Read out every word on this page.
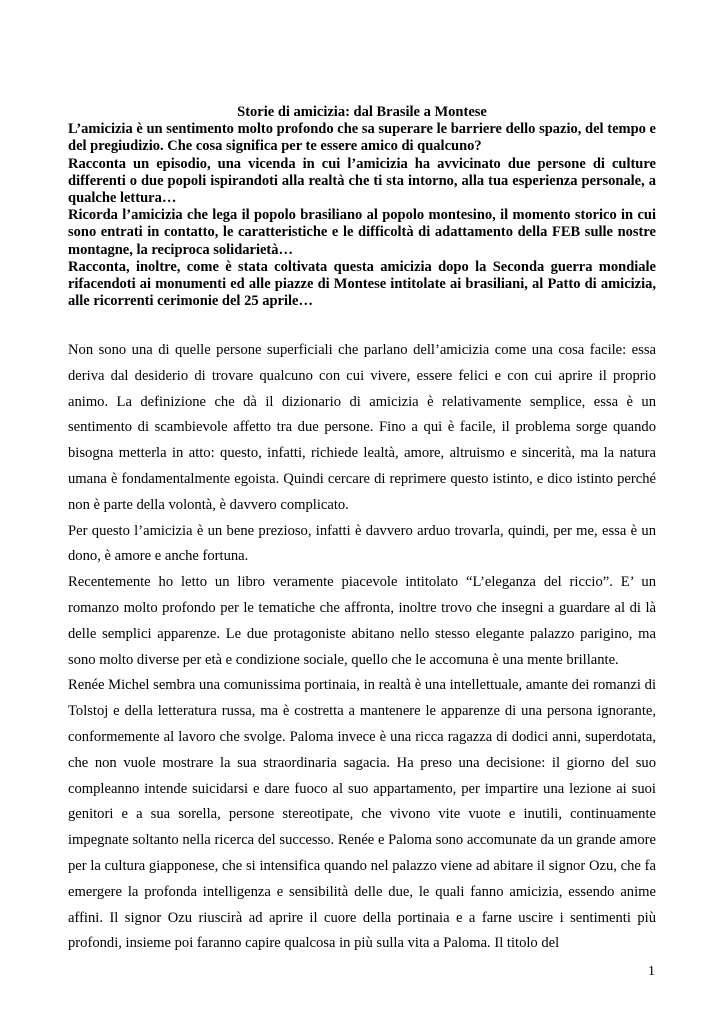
Storie di amicizia: dal Brasile a Montese

L’amicizia è un sentimento molto profondo che sa superare le barriere dello spazio, del tempo e del pregiudizio. Che cosa significa per te essere amico di qualcuno?

Racconta un episodio, una vicenda in cui l’amicizia ha avvicinato due persone di culture differenti o due popoli ispirandoti alla realtà che ti sta intorno, alla tua esperienza personale, a qualche lettura…

Ricorda l’amicizia che lega il popolo brasiliano al popolo montesino, il momento storico in cui sono entrati in contatto, le caratteristiche e le difficoltà di adattamento della FEB sulle nostre montagne, la reciproca solidarietà…

Racconta, inoltre, come è stata coltivata questa amicizia dopo la Seconda guerra mondiale rifacendoti ai monumenti ed alle piazze di Montese intitolate ai brasiliani, al Patto di amicizia, alle ricorrenti cerimonie del 25 aprile…

Non sono una di quelle persone superficiali che parlano dell’amicizia come una cosa facile: essa deriva dal desiderio di trovare qualcuno con cui vivere, essere felici e con cui aprire il proprio animo. La definizione che dà il dizionario di amicizia è relativamente semplice, essa è un sentimento di scambievole affetto tra due persone. Fino a qui è facile, il problema sorge quando bisogna metterla in atto: questo, infatti, richiede lealtà, amore, altruismo e sincerità, ma la natura umana è fondamentalmente egoista. Quindi cercare di reprimere questo istinto, e dico istinto perché non è parte della volontà, è davvero complicato.

Per questo l’amicizia è un bene prezioso, infatti è davvero arduo trovarla, quindi, per me, essa è un dono, è amore e anche fortuna.

Recentemente ho letto un libro veramente piacevole intitolato “L’eleganza del riccio”. E’ un romanzo molto profondo per le tematiche che affronta, inoltre trovo che insegni a guardare al di là delle semplici apparenze. Le due protagoniste abitano nello stesso elegante palazzo parigino, ma sono molto diverse per età e condizione sociale, quello che le accomuna è una mente brillante.

Renée Michel sembra una comunissima portinaia, in realtà è una intellettuale, amante dei romanzi di Tolstoj e della letteratura russa, ma è costretta a mantenere le apparenze di una persona ignorante, conformemente al lavoro che svolge. Paloma invece è una ricca ragazza di dodici anni, superdotata, che non vuole mostrare la sua straordinaria sagacia. Ha preso una decisione: il giorno del suo compleanno intende suicidarsi e dare fuoco al suo appartamento, per impartire una lezione ai suoi genitori e a sua sorella, persone stereotipate, che vivono vite vuote e inutili, continuamente impegnate soltanto nella ricerca del successo. Renée e Paloma sono accomunate da un grande amore per la cultura giapponese, che si intensifica quando nel palazzo viene ad abitare il signor Ozu, che fa emergere la profonda intelligenza e sensibilità delle due, le quali fanno amicizia, essendo anime affini. Il signor Ozu riuscirà ad aprire il cuore della portinaia e a farne uscire i sentimenti più profondi, insieme poi faranno capire qualcosa in più sulla vita a Paloma. Il titolo del

1
